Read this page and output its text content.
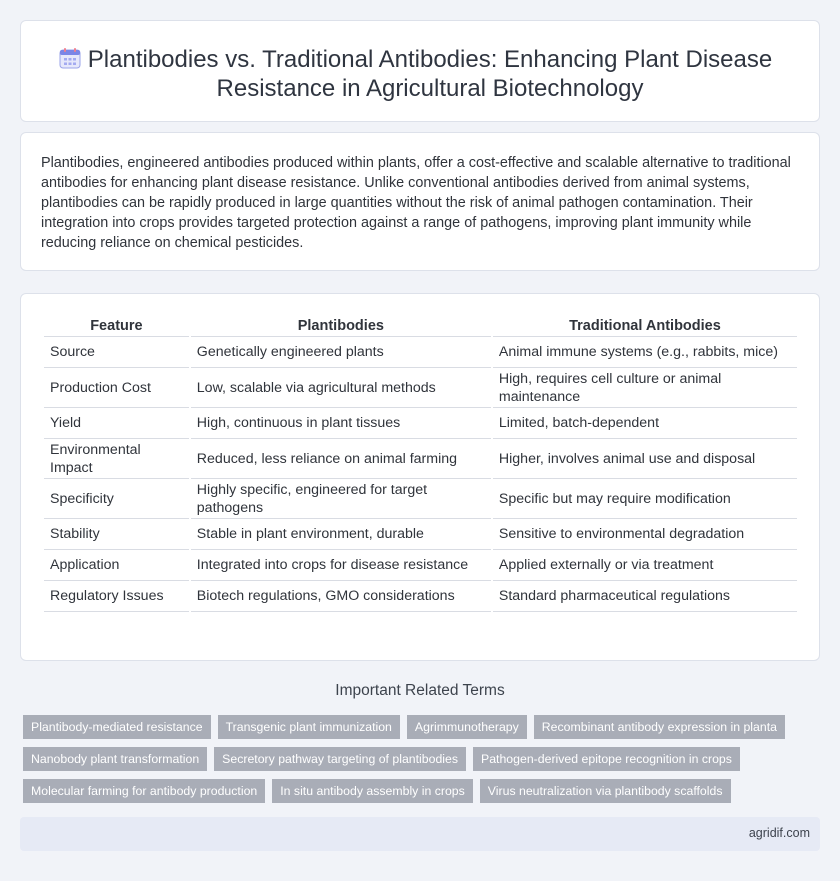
Plantibodies vs. Traditional Antibodies: Enhancing Plant Disease Resistance in Agricultural Biotechnology

Plantibodies, engineered antibodies produced within plants, offer a cost-effective and scalable alternative to traditional antibodies for enhancing plant disease resistance. Unlike conventional antibodies derived from animal systems, plantibodies can be rapidly produced in large quantities without the risk of animal pathogen contamination. Their integration into crops provides targeted protection against a range of pathogens, improving plant immunity while reducing reliance on chemical pesticides.

Feature	Plantibodies	Traditional Antibodies
Source	Genetically engineered plants	Animal immune systems (e.g., rabbits, mice)
Production Cost	Low, scalable via agricultural methods	High, requires cell culture or animal maintenance
Yield	High, continuous in plant tissues	Limited, batch-dependent
Environmental Impact	Reduced, less reliance on animal farming	Higher, involves animal use and disposal
Specificity	Highly specific, engineered for target pathogens	Specific but may require modification
Stability	Stable in plant environment, durable	Sensitive to environmental degradation
Application	Integrated into crops for disease resistance	Applied externally or via treatment
Regulatory Issues	Biotech regulations, GMO considerations	Standard pharmaceutical regulations
Important Related Terms
Plantibody-mediated resistance	Transgenic plant immunization	Agrimmunotherapy	Recombinant antibody expression in planta
Nanobody plant transformation	Secretory pathway targeting of plantibodies	Pathogen-derived epitope recognition in crops
Molecular farming for antibody production	In situ antibody assembly in crops	Virus neutralization via plantibody scaffolds
agridif.com
